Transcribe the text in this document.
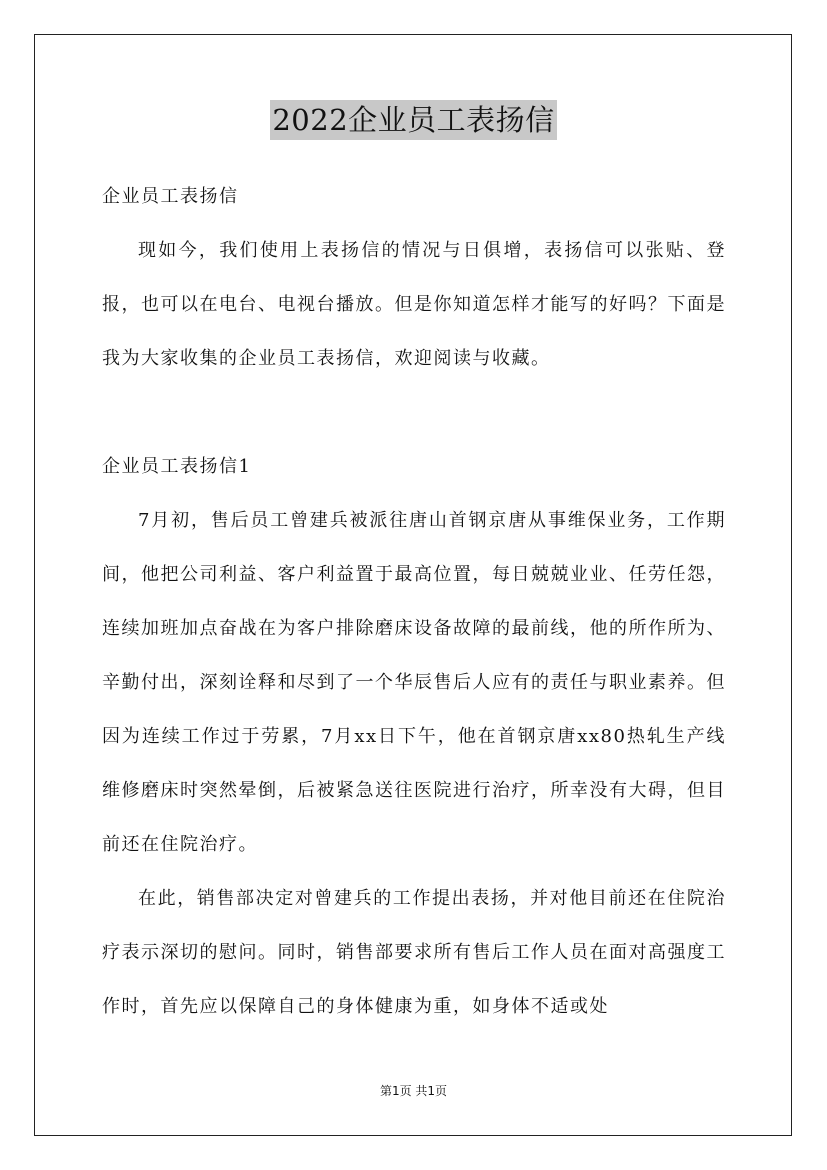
2022企业员工表扬信

企业员工表扬信

现如今，我们使用上表扬信的情况与日俱增，表扬信可以张贴、登报，也可以在电台、电视台播放。但是你知道怎样才能写的好吗？下面是我为大家收集的企业员工表扬信，欢迎阅读与收藏。

企业员工表扬信1

7月初，售后员工曾建兵被派往唐山首钢京唐从事维保业务，工作期间，他把公司利益、客户利益置于最高位置，每日兢兢业业、任劳任怨，连续加班加点奋战在为客户排除磨床设备故障的最前线，他的所作所为、辛勤付出，深刻诠释和尽到了一个华辰售后人应有的责任与职业素养。但因为连续工作过于劳累，7月xx日下午，他在首钢京唐xx80热轧生产线维修磨床时突然晕倒，后被紧急送往医院进行治疗，所幸没有大碍，但目前还在住院治疗。

在此，销售部决定对曾建兵的工作提出表扬，并对他目前还在住院治疗表示深切的慰问。同时，销售部要求所有售后工作人员在面对高强度工作时，首先应以保障自己的身体健康为重，如身体不适或处

第1页 共1页
